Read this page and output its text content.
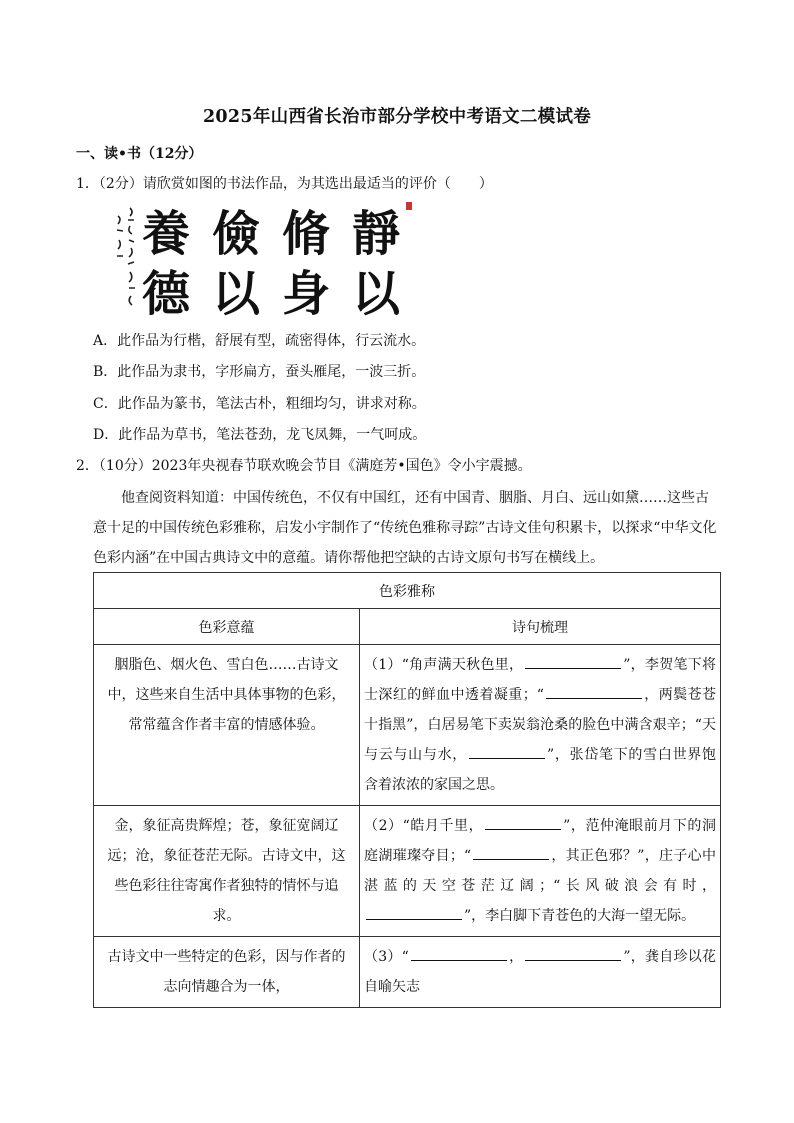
2025年山西省长治市部分学校中考语文二模试卷
一、读•书（12分）
1．（2分）请欣赏如图的书法作品，为其选出最适当的评价（　　）
養 儉 脩 靜
德 以 身 以
A．此作品为行楷，舒展有型，疏密得体，行云流水。
B．此作品为隶书，字形扁方，蚕头雁尾，一波三折。
C．此作品为篆书，笔法古朴，粗细均匀，讲求对称。
D．此作品为草书，笔法苍劲，龙飞凤舞，一气呵成。
2．（10分）2023年央视春节联欢晚会节目《满庭芳•国色》令小宇震撼。
他查阅资料知道：中国传统色，不仅有中国红，还有中国青、胭脂、月白、远山如黛……这些古意十足的中国传统色彩雅称，启发小宇制作了“传统色雅称寻踪”古诗文佳句积累卡，以探求“中华文化色彩内涵”在中国古典诗文中的意蕴。请你帮他把空缺的古诗文原句书写在横线上。
色彩雅称	
色彩意蕴	诗句梳理
胭脂色、烟火色、雪白色……古诗文中，这些来自生活中具体事物的色彩，常常蕴含作者丰富的情感体验。	（1）“角声满天秋色里， ”，李贺笔下将士深红的鲜血中透着凝重；“ ，两鬓苍苍十指黑”，白居易笔下卖炭翁沧桑的脸色中满含艰辛；“天与云与山与水， ”，张岱笔下的雪白世界饱含着浓浓的家国之思。
金，象征高贵辉煌；苍，象征宽阔辽远；沧，象征苍茫无际。古诗文中，这些色彩往往寄寓作者独特的情怀与追求。	（2）“皓月千里， ”，范仲淹眼前月下的洞庭湖璀璨夺目；“ ，其正色邪？”，庄子心中湛蓝的天空苍茫辽阔；“长风破浪会有时，”，李白脚下青苍色的大海一望无际。
古诗文中一些特定的色彩，因与作者的志向情趣合为一体，	（3）“ ， ”，龚自珍以花自喻矢志
